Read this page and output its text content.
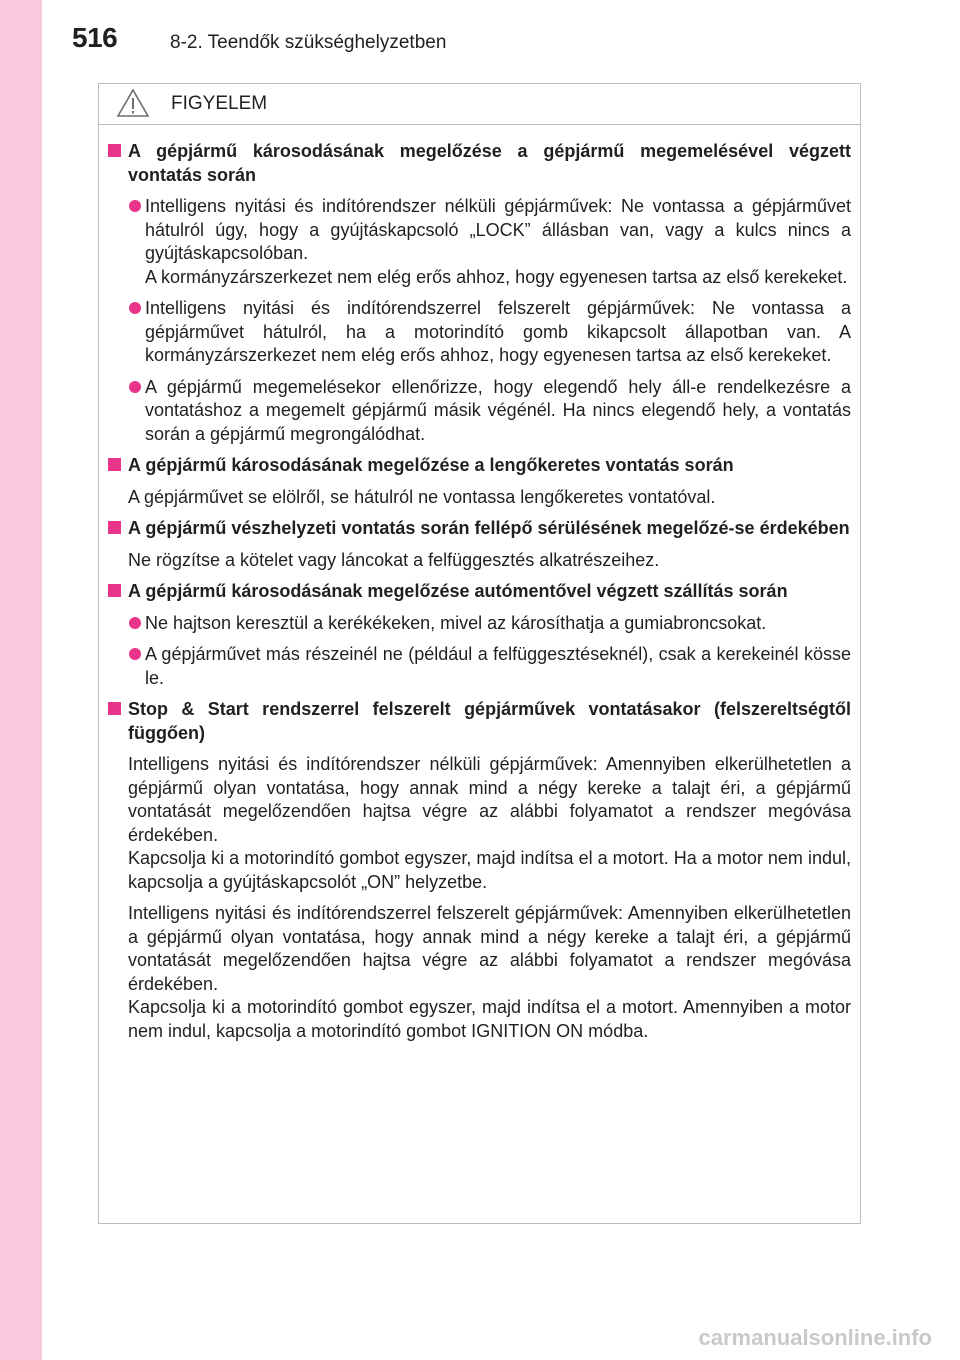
516	8-2. Teendők szükséghelyzetben
FIGYELEM
A gépjármű károsodásának megelőzése a gépjármű megemelésével végzett vontatás során
Intelligens nyitási és indítórendszer nélküli gépjárművek: Ne vontassa a gépjárművet hátulról úgy, hogy a gyújtáskapcsoló „LOCK” állásban van, vagy a kulcs nincs a gyújtáskapcsolóban.
A kormányzárszerkezet nem elég erős ahhoz, hogy egyenesen tartsa az első kerekeket.
Intelligens nyitási és indítórendszerrel felszerelt gépjárművek: Ne vontassa a gépjárművet hátulról, ha a motorindító gomb kikapcsolt állapotban van. A kormányzárszerkezet nem elég erős ahhoz, hogy egyenesen tartsa az első kerekeket.
A gépjármű megemelésekor ellenőrizze, hogy elegendő hely áll-e rendelkezésre a vontatáshoz a megemelt gépjármű másik végénél. Ha nincs elegendő hely, a vontatás során a gépjármű megrongálódhat.
A gépjármű károsodásának megelőzése a lengőkeretes vontatás során
A gépjárművet se elölről, se hátulról ne vontassa lengőkeretes vontatóval.
A gépjármű vészhelyzeti vontatás során fellépő sérülésének megelőzé-se érdekében
Ne rögzítse a kötelet vagy láncokat a felfüggesztés alkatrészeihez.
A gépjármű károsodásának megelőzése autómentővel végzett szállítás során
Ne hajtson keresztül a kerékékeken, mivel az károsíthatja a gumiabroncsokat.
A gépjárművet más részeinél ne (például a felfüggesztéseknél), csak a kerekeinél kösse le.
Stop & Start rendszerrel felszerelt gépjárművek vontatásakor (felszereltségtől függően)
Intelligens nyitási és indítórendszer nélküli gépjárművek: Amennyiben elkerülhetetlen a gépjármű olyan vontatása, hogy annak mind a négy kereke a talajt éri, a gépjármű vontatását megelőzendően hajtsa végre az alábbi folyamatot a rendszer megóvása érdekében.
Kapcsolja ki a motorindító gombot egyszer, majd indítsa el a motort. Ha a motor nem indul, kapcsolja a gyújtáskapcsolót „ON” helyzetbe.
Intelligens nyitási és indítórendszerrel felszerelt gépjárművek: Amennyiben elkerülhetetlen a gépjármű olyan vontatása, hogy annak mind a négy kereke a talajt éri, a gépjármű vontatását megelőzendően hajtsa végre az alábbi folyamatot a rendszer megóvása érdekében.
Kapcsolja ki a motorindító gombot egyszer, majd indítsa el a motort. Amennyiben a motor nem indul, kapcsolja a motorindító gombot IGNITION ON módba.
carmanualsonline.info
